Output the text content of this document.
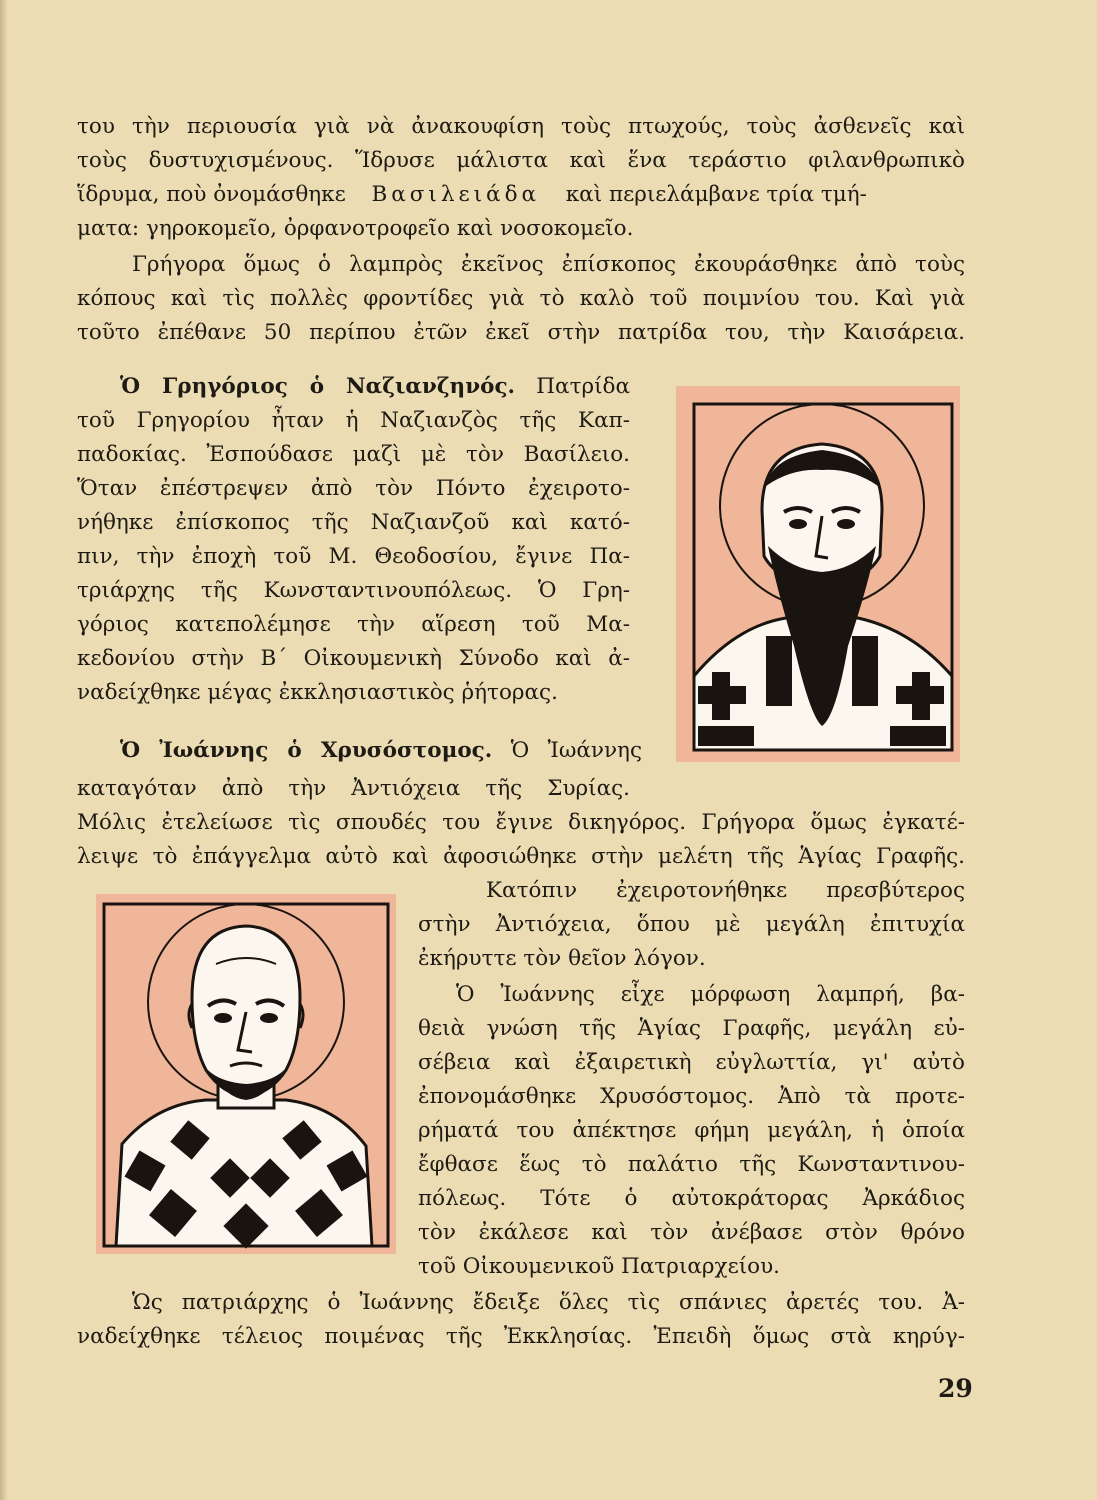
του τὴν περιουσία γιὰ νὰ ἀνακουφίση τοὺς πτωχούς, τοὺς ἀσθενεῖς καὶ
τοὺς δυστυχισμένους. Ἵδρυσε μάλιστα καὶ ἕνα τεράστιο φιλανθρωπικὸ
ἵδρυμα, ποὺ ὀνομάσθηκε Βασιλειάδα καὶ περιελάμβανε τρία τμή-
ματα: γηροκομεῖο, ὀρφανοτροφεῖο καὶ νοσοκομεῖο.
Γρήγορα ὅμως ὁ λαμπρὸς ἐκεῖνος ἐπίσκοπος ἐκουράσθηκε ἀπὸ τοὺς
κόπους καὶ τὶς πολλὲς φροντίδες γιὰ τὸ καλὸ τοῦ ποιμνίου του. Καὶ γιὰ
τοῦτο ἐπέθανε 50 περίπου ἐτῶν ἐκεῖ στὴν πατρίδα του, τὴν Καισάρεια.
Ὁ Γρηγόριος ὁ Ναζιανζηνός. Πατρίδα
τοῦ Γρηγορίου ἦταν ἡ Ναζιανζὸς τῆς Καπ-
παδοκίας. Ἐσπούδασε μαζὶ μὲ τὸν Βασίλειο.
Ὅταν ἐπέστρεψεν ἀπὸ τὸν Πόντο ἐχειροτο-
νήθηκε ἐπίσκοπος τῆς Ναζιανζοῦ καὶ κατό-
πιν, τὴν ἐποχὴ τοῦ Μ. Θεοδοσίου, ἔγινε Πα-
τριάρχης τῆς Κωνσταντινουπόλεως. Ὁ Γρη-
γόριος κατεπολέμησε τὴν αἵρεση τοῦ Μα-
κεδονίου στὴν Β΄ Οἰκουμενικὴ Σύνοδο καὶ ἀ-
ναδείχθηκε μέγας ἐκκλησιαστικὸς ῥήτορας.
Ὁ Ἰωάννης ὁ Χρυσόστομος. Ὁ Ἰωάννης
καταγόταν ἀπὸ τὴν Ἀντιόχεια τῆς Συρίας.
Μόλις ἐτελείωσε τὶς σπουδές του ἔγινε δικηγόρος. Γρήγορα ὅμως ἐγκατέ-
λειψε τὸ ἐπάγγελμα αὐτὸ καὶ ἀφοσιώθηκε στὴν μελέτη τῆς Ἁγίας Γραφῆς.
Κατόπιν ἐχειροτονήθηκε πρεσβύτερος
στὴν Ἀντιόχεια, ὅπου μὲ μεγάλη ἐπιτυχία
ἐκήρυττε τὸν θεῖον λόγον.
Ὁ Ἰωάννης εἶχε μόρφωση λαμπρή, βα-
θειὰ γνώση τῆς Ἁγίας Γραφῆς, μεγάλη εὐ-
σέβεια καὶ ἐξαιρετικὴ εὐγλωττία, γι' αὐτὸ
ἐπονομάσθηκε Χρυσόστομος. Ἀπὸ τὰ προτε-
ρήματά του ἀπέκτησε φήμη μεγάλη, ἡ ὁποία
ἔφθασε ἕως τὸ παλάτιο τῆς Κωνσταντινου-
πόλεως. Τότε ὁ αὐτοκράτορας Ἀρκάδιος
τὸν ἐκάλεσε καὶ τὸν ἀνέβασε στὸν θρόνο
τοῦ Οἰκουμενικοῦ Πατριαρχείου.
Ὡς πατριάρχης ὁ Ἰωάννης ἔδειξε ὅλες τὶς σπάνιες ἀρετές του. Ἀ-
ναδείχθηκε τέλειος ποιμένας τῆς Ἐκκλησίας. Ἐπειδὴ ὅμως στὰ κηρύγ-
29
